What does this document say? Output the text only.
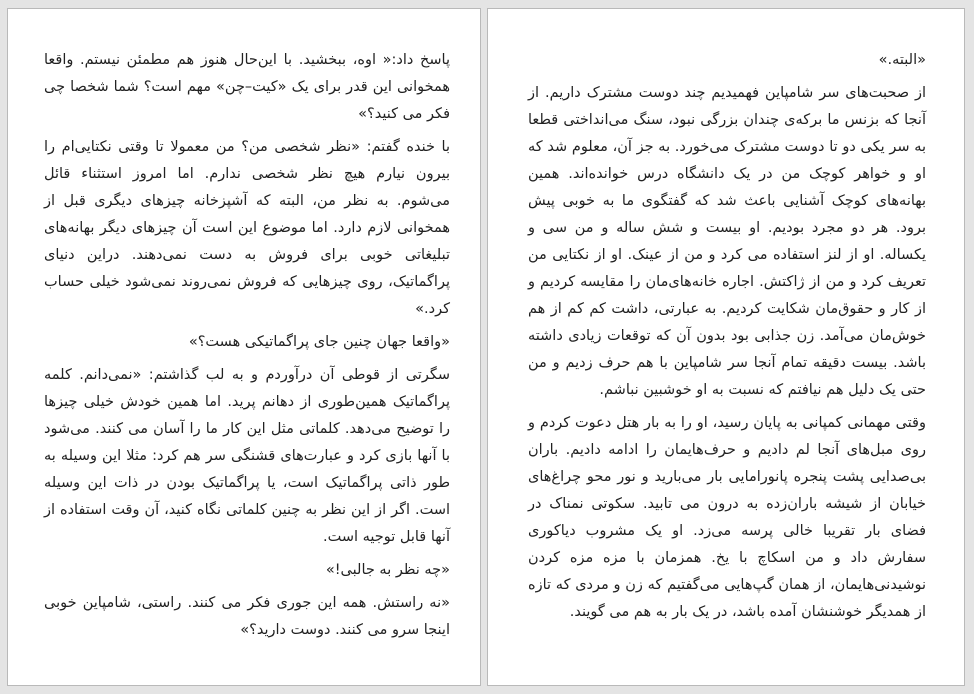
پاسخ داد:« اوه، ببخشید. با این‌حال هنوز هم مطمئن نیستم. واقعا همخوانی این قدر برای یک «کیت–چن» مهم است؟ شما شخصا چی فکر می کنید؟»

با خنده گفتم: «نظر شخصی من؟ من معمولا تا وقتی نکتایی‌ام را بیرون نیارم هیچ نظر شخصی ندارم. اما امروز استثناء قائل می‌شوم. به نظر من، البته که آشپزخانه چیزهای دیگری قبل از همخوانی لازم دارد. اما موضوع این است آن چیزهای دیگر بهانه‌های تبلیغاتی خوبی برای فروش به دست نمی‌دهند. دراین دنیای پراگماتیک، روی چیزهایی که فروش نمی‌روند نمی‌شود خیلی حساب کرد.»

«واقعا جهان چنین جای پراگماتیکی هست؟»

سگرتی از قوطی آن درآوردم و به لب گذاشتم: «نمی‌دانم. کلمه پراگماتیک همین‌طوری از دهانم پرید. اما همین خودش خیلی چیزها را توضیح می‌دهد. کلماتی مثل این کار ما را آسان می کنند. می‌شود با آنها بازی کرد و عبارت‌های قشنگی سر هم کرد: مثلا این وسیله به طور ذاتی پراگماتیک است، یا پراگماتیک بودن در ذات این وسیله است. اگر از این نظر به چنین کلماتی نگاه کنید، آن وقت استفاده از آنها قابل توجیه است.

«چه نظر به جالبی!»

«نه راستش. همه این جوری فکر می کنند. راستی، شامپاین خوبی اینجا سرو می کنند. دوست دارید؟»

«البته.»

از صحبت‌های سر شامپاین فهمیدیم چند دوست مشترک داریم. از آنجا که بزنس ما برکه‌ی چندان بزرگی نبود، سنگ می‌انداختی قطعا به سر یکی دو تا دوست مشترک می‌خورد. به جز آن، معلوم شد که او و خواهر کوچک من در یک دانشگاه درس خوانده‌اند. همین بهانه‌های کوچک آشنایی باعث شد که گفتگوی ما به خوبی پیش برود. هر دو مجرد بودیم. او بیست و شش ساله و من سی و یکساله. او از لنز استفاده می کرد و من از عینک. او از نکتایی من تعریف کرد و من از ژاکتش. اجاره خانه‌های‌مان را مقایسه کردیم و از کار و حقوق‌مان شکایت کردیم. به عبارتی، داشت کم کم از هم خوش‌مان می‌آمد. زن جذابی بود بدون آن که توقعات زیادی داشته باشد. بیست دقیقه تمام آنجا سر شامپاین با هم حرف زدیم و من حتی یک دلیل هم نیافتم که نسبت به او خوشبین نباشم.

وقتی مهمانی کمپانی به پایان رسید، او را به بار هتل دعوت کردم و روی مبل‌های آنجا لم دادیم و حرف‌هایمان را ادامه دادیم. باران بی‌صدایی پشت پنجره پانورامایی بار می‌بارید و نور محو چراغ‌های خیابان از شیشه باران‌زده به درون می تابید. سکوتی نمناک در فضای بار تقریبا خالی پرسه می‌زد. او یک مشروب دیاکوری سفارش داد و من اسکاچ با یخ. همزمان با مزه مزه کردن نوشیدنی‌هایمان، از همان گپ‌هایی می‌گفتیم که زن و مردی که تازه از همدیگر خوشنشان آمده باشد، در یک بار به هم می گویند.
